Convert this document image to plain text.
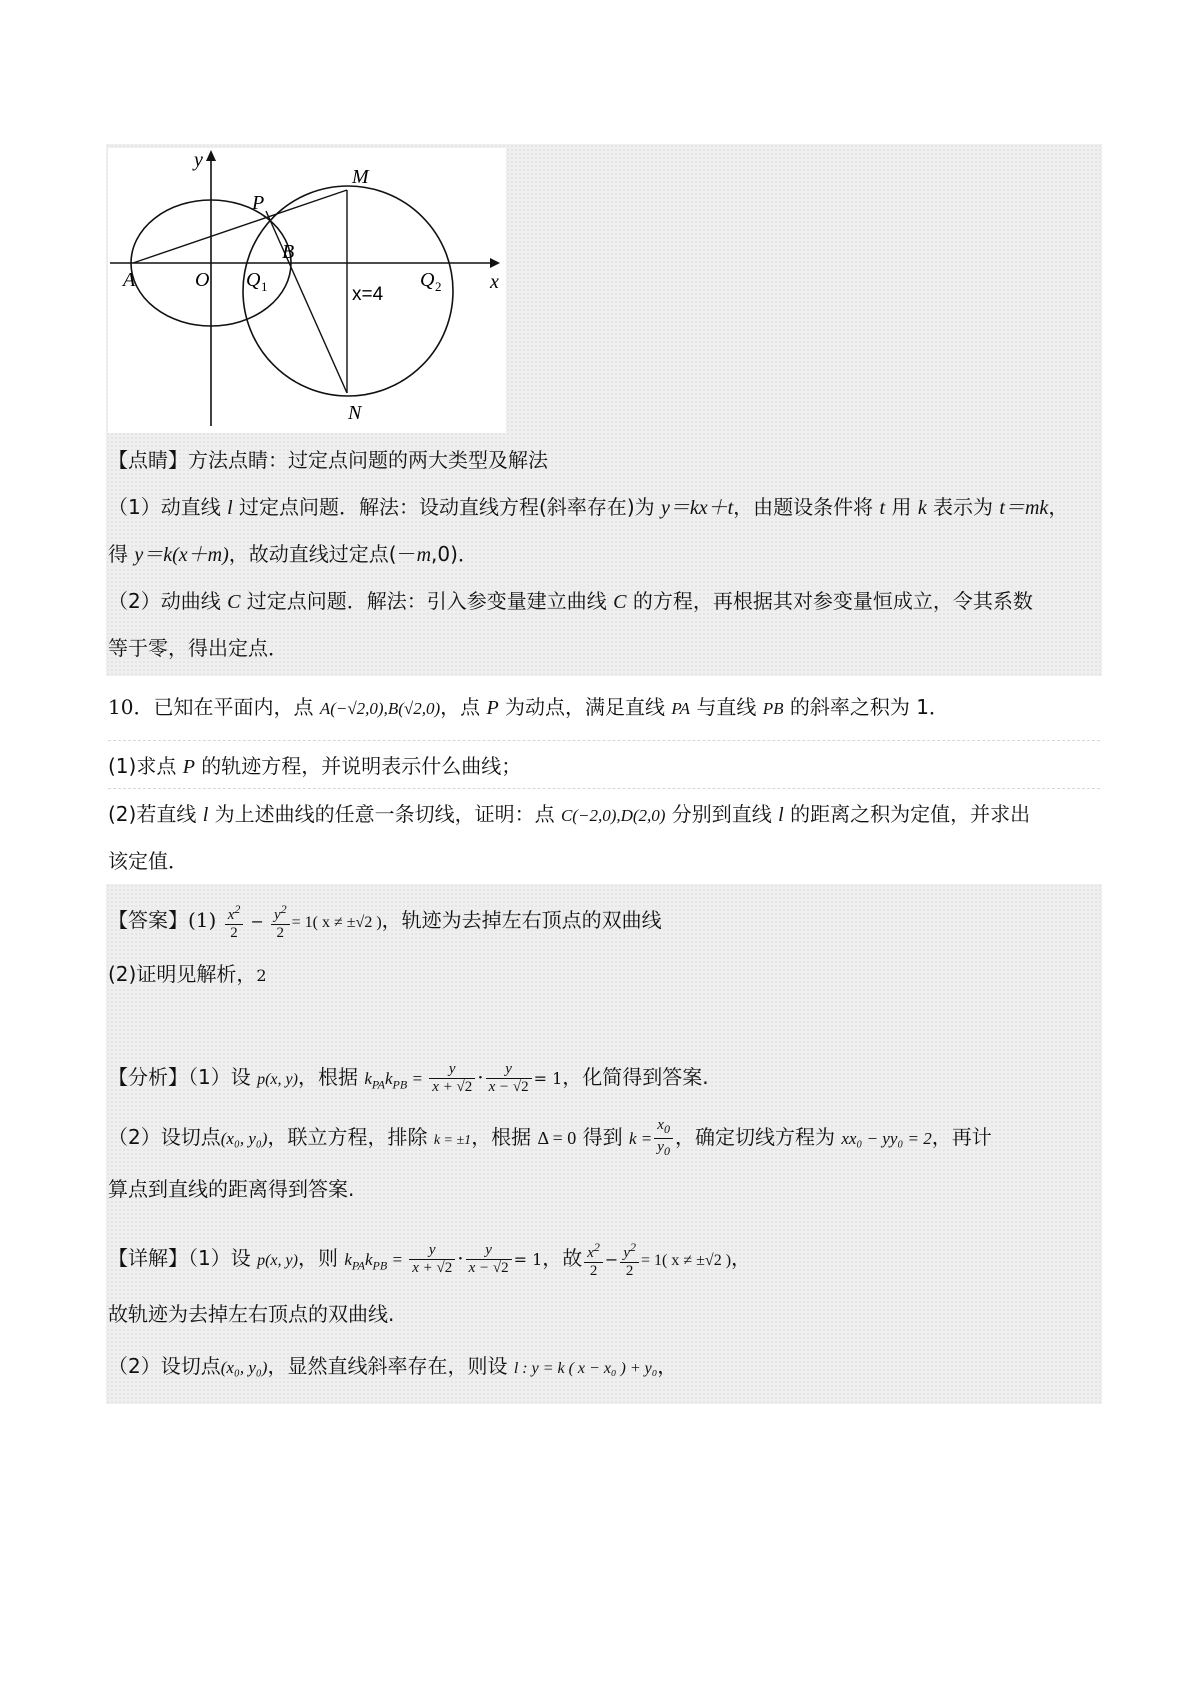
y
x
A	O Q 1
B
P
M
N
Q 2
x=4
【点睛】方法点睛：过定点问题的两大类型及解法
（1）动直线 l 过定点问题．解法：设动直线方程(斜率存在)为 y＝kx＋t，由题设条件将 t 用 k 表示为 t＝mk，
得 y＝k(x＋m)，故动直线过定点(－m,0)．
（2）动曲线 C 过定点问题．解法：引入参变量建立曲线 C 的方程，再根据其对参变量恒成立，令其系数
等于零，得出定点．
10．已知在平面内，点 A(−√2,0),B(√2,0)，点 P 为动点，满足直线 PA 与直线 PB 的斜率之积为 1．
(1)求点 P 的轨迹方程，并说明表示什么曲线；
(2)若直线 l 为上述曲线的任意一条切线，证明：点 C(−2,0),D(2,0) 分别到直线 l 的距离之积为定值，并求出
该定值．
【答案】$(1) \frac{x^2}{2} - \frac{y^2}{2} = 1$( x ≠ ±√2 )，轨迹为去掉左右顶点的双曲线
(2)证明见解析，2
【分析】（1）设 p(x, y)，根据 $k_{PA}k_{PB} = \frac{y}{x + √2} \cdot \frac{y}{x - √2} = 1$，化简得到答案.
（2）设切点(x₀, y₀)，联立方程，排除 k = ±1，根据 Δ = 0 得到 $k = \frac{x_0}{y_0}$ ，确定切线方程为 xx₀ − yy₀ = 2，再计
算点到直线的距离得到答案.
【详解】（1）设 p(x, y)，则 $k_{PA}k_{PB} = \frac{y}{x + √2} \cdot \frac{y}{x - √2} = 1$，故 $\frac{x^2}{2} - \frac{y^2}{2} = 1$( x ≠ ±√2 )，
故轨迹为去掉左右顶点的双曲线.
（2）设切点(x₀, y₀)，显然直线斜率存在，则设 l : y = k ( x − x₀ ) + y₀，
